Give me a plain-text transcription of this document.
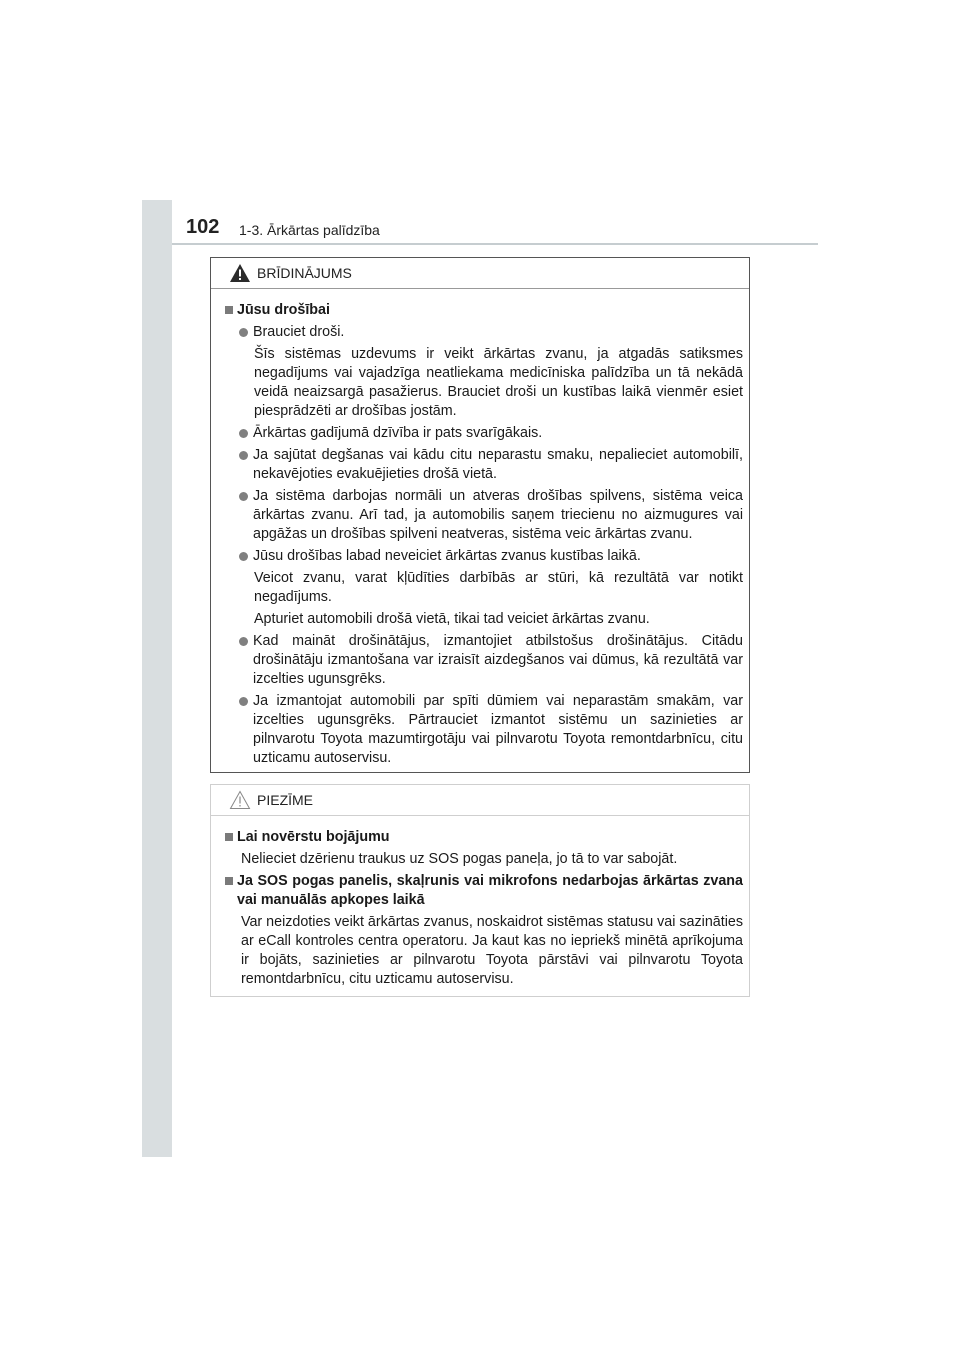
102 1-3. Ārkārtas palīdzība
BRĪDINĀJUMS
Jūsu drošībai
Brauciet droši.
Šīs sistēmas uzdevums ir veikt ārkārtas zvanu, ja atgadās satiksmes negadījums vai vajadzīga neatliekama medicīniska palīdzība un tā nekādā veidā neaizsargā pasažierus. Brauciet droši un kustības laikā vienmēr esiet piesprādzēti ar drošības jostām.
Ārkārtas gadījumā dzīvība ir pats svarīgākais.
Ja sajūtat degšanas vai kādu citu neparastu smaku, nepalieciet automobilī, nekavējoties evakuējieties drošā vietā.
Ja sistēma darbojas normāli un atveras drošības spilvens, sistēma veica ārkārtas zvanu. Arī tad, ja automobilis saņem triecienu no aizmugures vai apgāžas un drošības spilveni neatveras, sistēma veic ārkārtas zvanu.
Jūsu drošības labad neveiciet ārkārtas zvanus kustības laikā.
Veicot zvanu, varat kļūdīties darbībās ar stūri, kā rezultātā var notikt negadījums.
Apturiet automobili drošā vietā, tikai tad veiciet ārkārtas zvanu.
Kad maināt drošinātājus, izmantojiet atbilstošus drošinātājus. Citādu drošinātāju izmantošana var izraisīt aizdegšanos vai dūmus, kā rezultātā var izcelties ugunsgrēks.
Ja izmantojat automobili par spīti dūmiem vai neparastām smakām, var izcelties ugunsgrēks. Pārtrauciet izmantot sistēmu un sazinieties ar pilnvarotu Toyota mazumtirgotāju vai pilnvarotu Toyota remontdarbnīcu, citu uzticamu autoservisu.
PIEZĪME
Lai novērstu bojājumu
Nelieciet dzērienu traukus uz SOS pogas paneļa, jo tā to var sabojāt.
Ja SOS pogas panelis, skaļrunis vai mikrofons nedarbojas ārkārtas zvana vai manuālās apkopes laikā
Var neizdoties veikt ārkārtas zvanus, noskaidrot sistēmas statusu vai sazināties ar eCall kontroles centra operatoru. Ja kaut kas no iepriekš minētā aprīkojuma ir bojāts, sazinieties ar pilnvarotu Toyota pārstāvi vai pilnvarotu Toyota remontdarbnīcu, citu uzticamu autoservisu.
